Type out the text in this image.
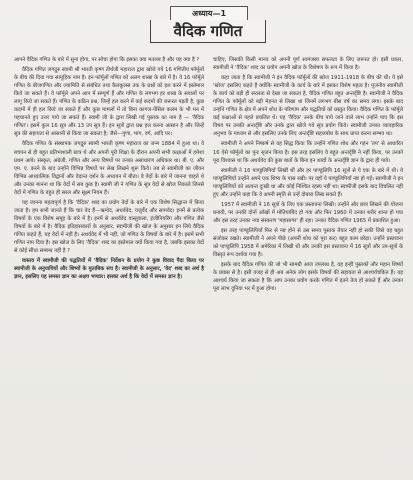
अध्याय—1
वैदिक गणित

आपने वैदिक गणित के बारे में सुना होगा, पर सोचा होगा कि इसका क्या मतलब है और यह क्या है ?

वैदिक गणित जगद्गुरु स्वामी श्री भारती कृष्ण तीर्थजी महाराज द्वारा खोजे गये 16 गणितीय फॉर्मूलों के बीच की दिया गया सामूहिक नाम है। इन फॉर्मूलों गणित को अलग शाखा के बारे में है। ये 16 फॉर्मूले गणित के बीजगणित और ज्यामिति से संबंधित तथा कैलकुलस तक के प्रश्नों को हल करने में इस्तेमाल किये जा सकते हैं। ये फॉर्मूले अपने आप में सम्पूर्ण हैं और गणित के लगभग हर शाख के सवालों पर लागू किये जा सकते हैं। गणित के कठिन प्रश्न, जिन्हें हल करने में कई कदमों की जरूरत पड़ती है, कुछ कदमों में ही हल किये जा सकते हैं और कुछ मामलों में तो बिना कागज-पेंसिल कलम के भी मन में पहचानते हुए उत्तर पाये जा सकते हैं। स्वामी जी के द्वारा लिखी गई पुस्तक का नाम है — 'वैदिक गणित'। इसमें कुल 16 सूत्र और 13 उप सूत्र हैं। इन सूत्रों द्वारा प्रश्न हल करना आसान है और जिन्हें सूत्र की सहायता से आसानी से किया जा सकता है; जैसे—गुणा, भाग, वर्ग, आदि पर।

वैदिक गणित के संस्थापक जगद्गुरु स्वामी भारती कृष्ण महाराज का जन्म 1884 में हुआ था। वे बचपन से ही बहुत प्रतिभाशाली छात्र थे और अपनी पूरी शिक्षा के दौरान अपनी सभी कक्षाओं में हमेशा प्रथम आये। संस्कृत, अंग्रेजी, गणित और अन्य विषयों पर उनका असाधारण अधिकार था। बी. ए. और एम. ए. करने के बाद उन्होंने विभिन्न विषयों पर लेख लिखने शुरू किये। तब से स्वामीजी का जीवन विभिन्न आध्यात्मिक विद्वानों और वेदान्त दर्शन के अध्ययन में बीता। वे वेदों के बारे में जानना चाहते थे और उनका मानना था कि वेदों में सब कुछ है। स्वामी जी ने गणित के सूत्र वेदों से खोज निकाले जिनसे वेदों में गणित के बहुत ही सरल और सूक्ष्म नियम हैं।

यह जानना महत्वपूर्ण है कि 'वैदिक' शब्द का प्रयोग वेदों के बारे में एक विशेष सिद्धान्त में किया जाता है। हम सभी जानते हैं कि चार वेद हैं—ऋग्वेद, अथर्ववेद, यजुर्वेद और सामवेद। इनमें से प्रत्येक विषयों के एक विशेष समूह के बारे में है। इनमें से अथर्ववेद वास्तुकला, इंजीनियरिंग और गणित जैसे विषयों के बारे में है। वैदिक इतिहासकारों के अनुसार, स्वामीजी की खोज के अनुसार इन लिये वैदिक गणित कहते हैं, यह वेदों में नहीं है। अथर्ववेद में भी नहीं, जो गणित के विषयों के बारे में है। इसमें सभी गणित नाम दिया है। इस खोज के लिए 'वैदिक' शब्द का इस्तेमाल क्यों किया गया है, जबकि इसका वेदों से कोई सीधा सम्बन्ध नहीं है ?

वास्तव में स्वामीजी की पद्धतियों में 'वैदिक' निर्देशन के प्रयोग ने कुछ विवाद पैदा किया पर स्वामीजी के अनुयायियों और शिष्यों के मुताबिक सच है। स्वामीजी के अनुसार, 'वेद' शब्द का अर्थ है ज्ञान, इसलिए यह समस्त ज्ञान का अक्षय भण्डार। इसका अर्थ है कि वेदों में समस्त ज्ञान है।

चाहिए, जिसकी किसी मानव को अपनी पूर्ण सामंजस्य सफलता के लिए जरूरत हो। इसी प्रकार, स्वामीजी ने 'वैदिक' शब्द का प्रयोग अपनी खोज के विशेषण के रूप में किया है।

कहा जाता है कि स्वामीजी ने इन वैदिक फॉर्मूलों की खोज 1911-1918 के बीच की थी। ये इसे 'खोज' इसलिए कहते हैं क्योंकि स्वामीजी के कार्य के बारे में इसका विशेष महत्व है। पूजनीय स्वामीजी के कार्य को बड़ी ही सरलता से देखा जा सकता है, वैदिक गणित बहुत अन्तर्दृष्टि है। स्वामीजी ने वैदिक गणित के फॉर्मूलों को बड़ी मेहनत से लिखा था जिनमें लगभग बीस वर्ष का समय लगा। इसके बाद उन्होंने गणित के क्षेत्र में अपने शोध के परिणाम और पद्धतियों को प्रस्तुत किया। वैदिक गणित के फॉर्मूले कई कक्षाओं से पहले प्रचलित थे। यह 'वैदिक' उनके बीच पाये जाने वाले लाभ उन्होंने पाए कि इस विषय पर उनकी अन्तर्दृष्टि और उनके द्वारा खोजे गये सूत्र प्रयोग किये। स्वामीजी उनका व्यावहारिक अनुभव के माध्यम से और इसलिए उनके लिए अन्तर्दृष्टि सहजबोध के साथ प्राप्त करना सम्भव था।

स्वामीजी ने अपने निष्कर्ष से यह सिद्ध किया कि उन्होंने गणित शोध और गहन 'तप' से आधारित 16 ऐसे फॉर्मूलों का पुनः सृजन किया है। इस तरह इसलिए वे बहुत अन्तर्दृष्टि ने नहीं किया, पर उनको पूरा विश्वास था कि अथर्ववेद की कुछ बातों के बिना इन शब्दों के अन्तर्दृष्टि ज्ञान के द्वारा ही पाये।

स्वामीजी ने 16 पाण्डुलिपियाँ लिखीं थीं और हर पाण्डुलिपि 16 सूत्रों से ये एक के बारे में थी। ये पाण्डुलिपियाँ उन्होंने अपने एक शिष्य के पास रखी। पर वहाँ ये पाण्डुलिपियाँ नष्ट हो गई। स्वामीजी ने इन पाण्डुलिपियों को अत्यन्त दुःखी था और कोई निश्चित रहस्य नहीं था। स्वामीजी इसके बाद विचलित नहीं हुए और उन्होंने कहा कि वे अपनी स्मृति से उन्हें दोबारा लिख सकते हैं।

1957 में स्वामीजी ने 16 सूत्रों के लिए एक प्रस्तावना लिखी। उन्होंने और छात्र लिखने की योजना बनायी, पर उनकी दोनों आँखों में मोतियाबिंद हो गया और फिर 1960 में उनका शरीर शान्त हो गया और इस तरह उनका नया संस्करण 'महासागर' ही रहा। उनका वैदिक गणित 1965 में प्रकाशित हुआ।

इस तरह पाण्डुलिपियाँ फिर से नष्ट होने से उस समय पुस्तक तैयार नहीं हो सकी जिसे वह बहुत संजोकर रखते। स्वामीजी ने अपने पीछे (अपनी शोध को पूरा कर) बहुत काम छोड़ा। उन्होंने प्रस्तावना को पाण्डुलिपि 1958 में अमेरिका में लिखी थी और उनकी इस प्रस्तावना में 16 सूत्रों और उप-सूत्रों के विस्तृत रूप दर्शाया गया है।

इसके बाद वैदिक गणित की जो भी सामग्री आज उपलब्ध है, वह इन्हीं पुस्तकों और महान शिष्यों के प्रयास से है। इसी वजह से ही अब अनेक लोग इसके विषयों की सहायता से आश्चर्यचकित हैं। यह आश्चर्य किया जा सकता है कि आप उनका प्रयोग करके गणित में इतने तेज हो सकते हैं और उनका पूरा लाभ दुनिया भर में हुआ होगा।
